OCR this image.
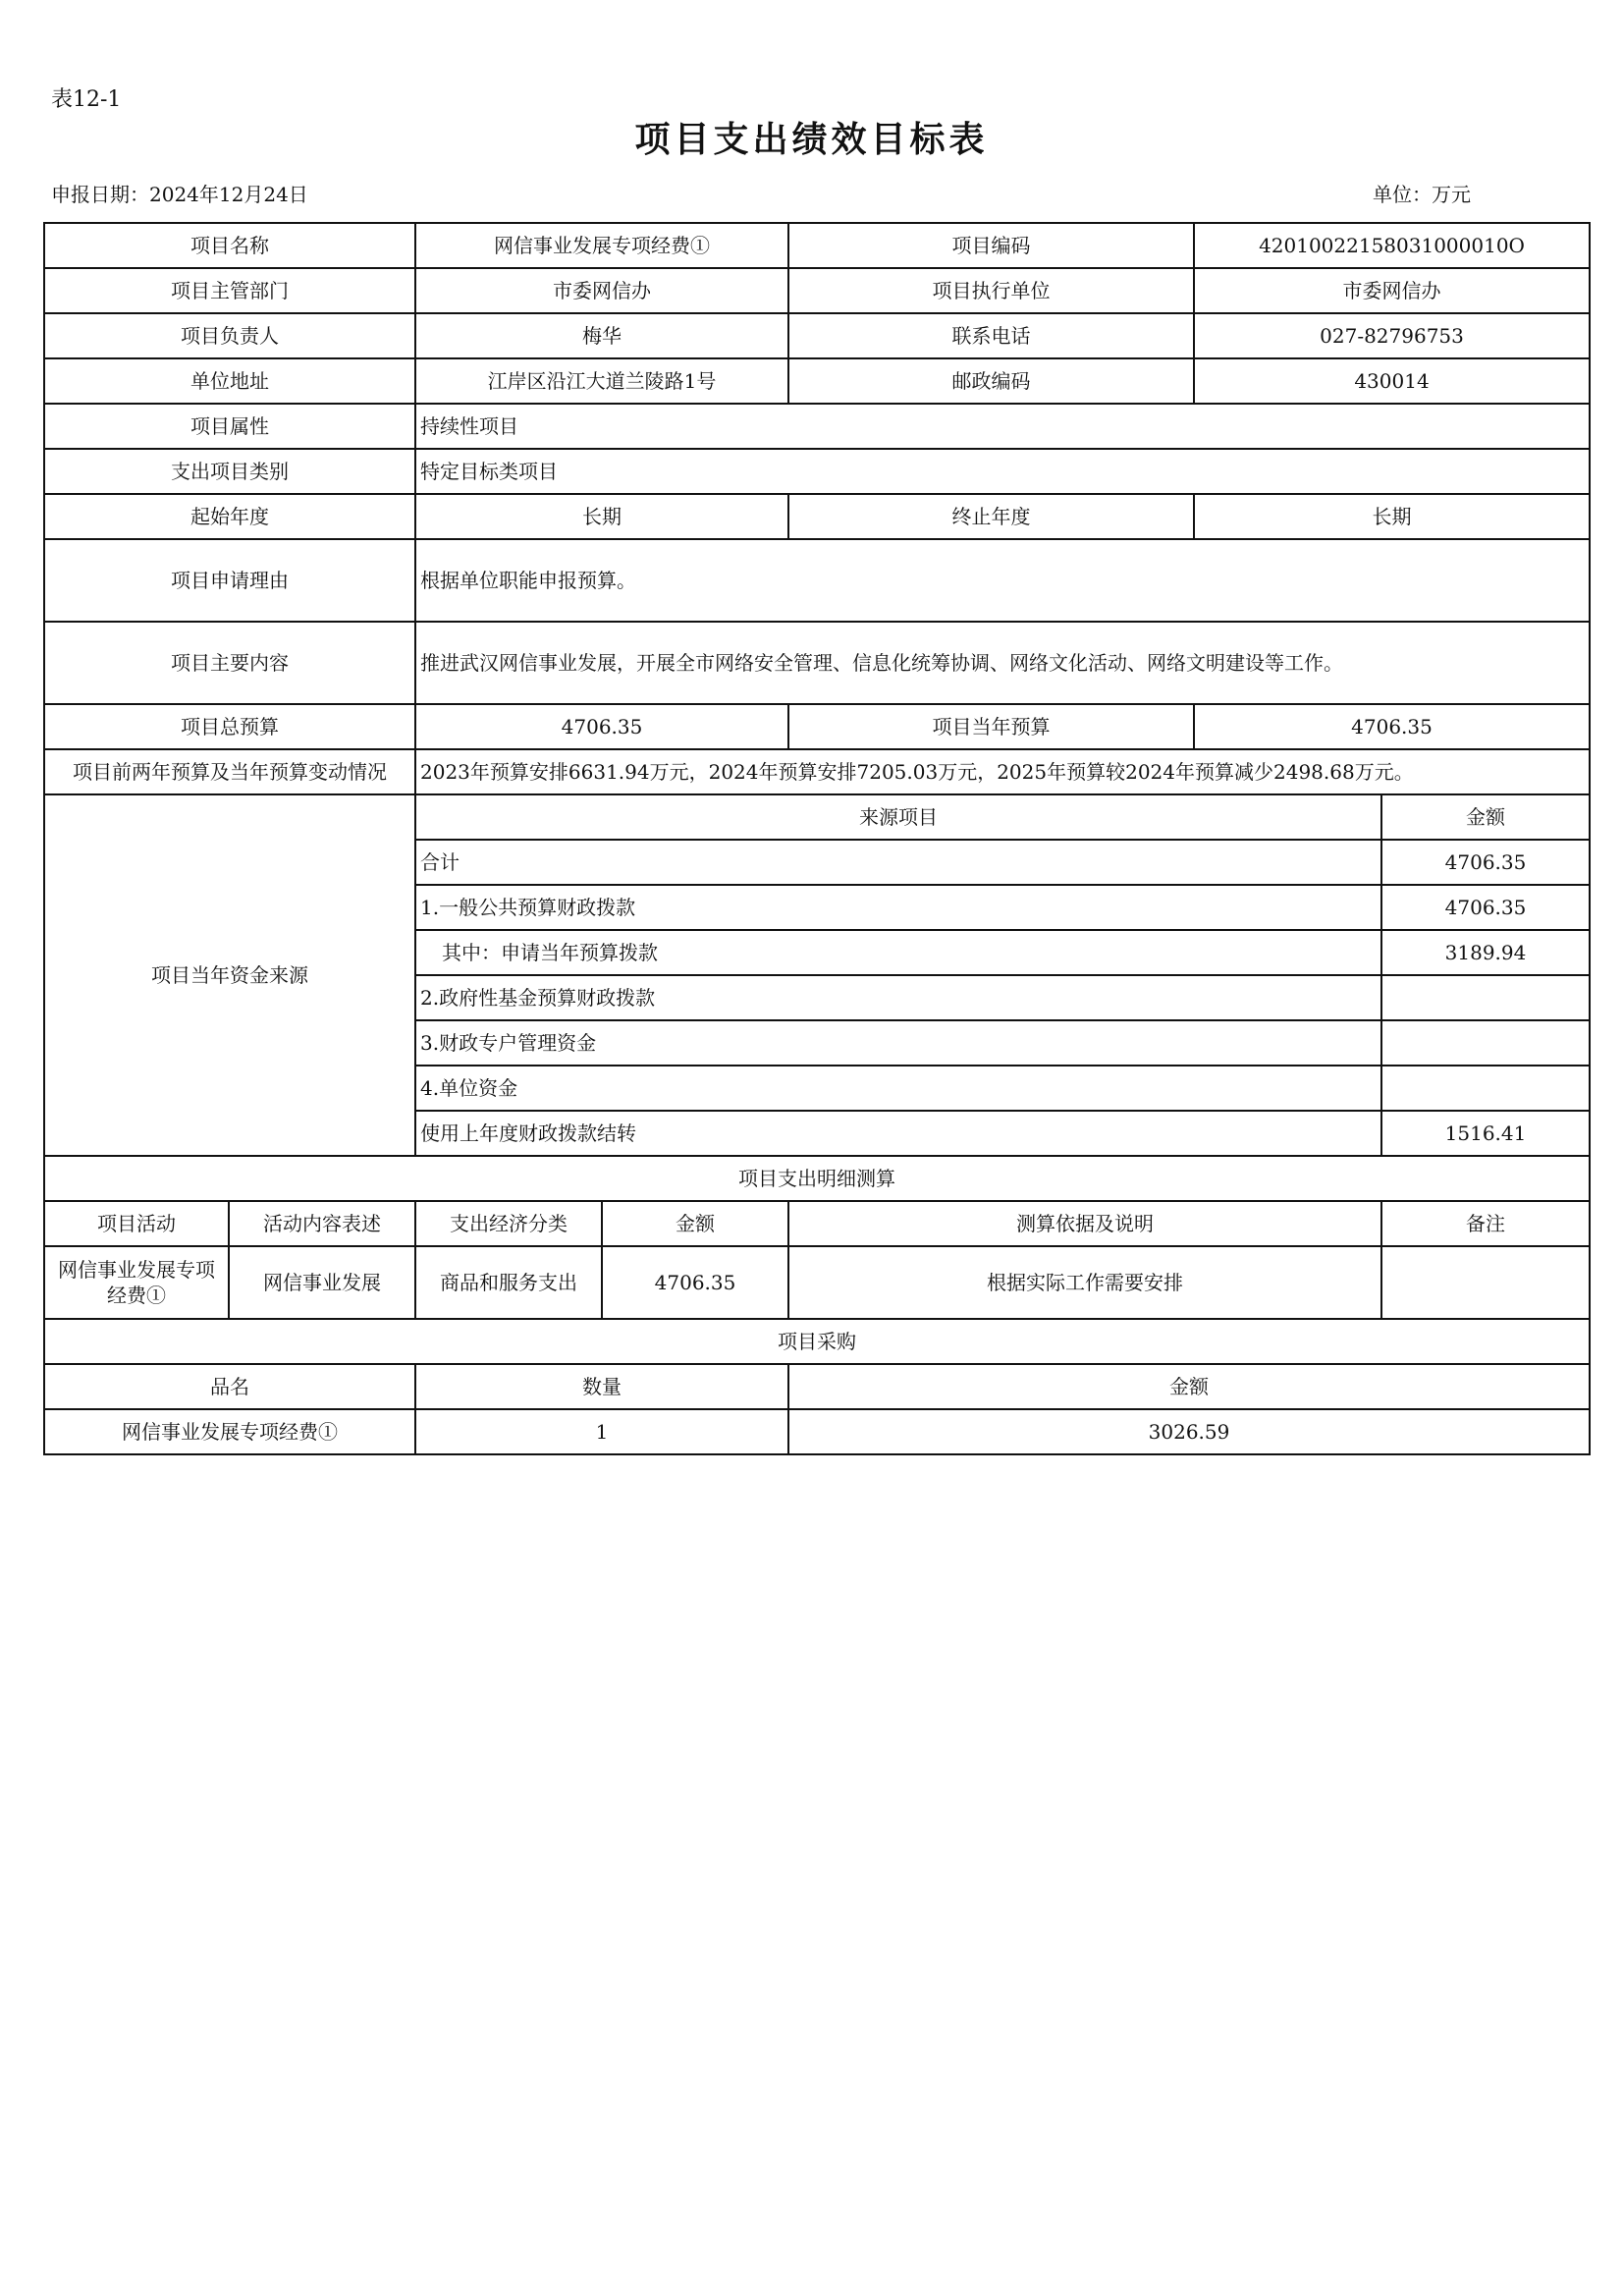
表12-1
项目支出绩效目标表
申报日期：2024年12月24日	单位：万元
项目名称		网信事业发展专项经费①		项目编码	42010022158031000010O	
项目主管部门		市委网信办		项目执行单位	市委网信办	
项目负责人		梅华		联系电话	027-82796753	
单位地址		江岸区沿江大道兰陵路1号		邮政编码	430014	
项目属性		持续性项目				
支出项目类别		特定目标类项目				
起始年度		长期		终止年度	长期	
项目申请理由		根据单位职能申报预算。				
项目主要内容		推进武汉网信事业发展，开展全市网络安全管理、信息化统筹协调、网络文化活动、网络文明建设等工作。				
项目总预算		4706.35		项目当年预算	4706.35	
项目前两年预算及当年预算变动情况		2023年预算安排6631.94万元，2024年预算安排7205.03万元，2025年预算较2024年预算减少2498.68万元。				
项目当年资金来源		来源项目				金额
		合计				4706.35
		1.一般公共预算财政拨款				4706.35
		其中：申请当年预算拨款				3189.94
		2.政府性基金预算财政拨款				
		3.财政专户管理资金				
		4.单位资金				
		使用上年度财政拨款结转				1516.41
项目支出明细测算						
项目活动	活动内容表述	支出经济分类	金额	测算依据及说明		备注
网信事业发展专项经费①	网信事业发展	商品和服务支出	4706.35	根据实际工作需要安排		
项目采购						
品名		数量		金额		
网信事业发展专项经费①		1		3026.59		
